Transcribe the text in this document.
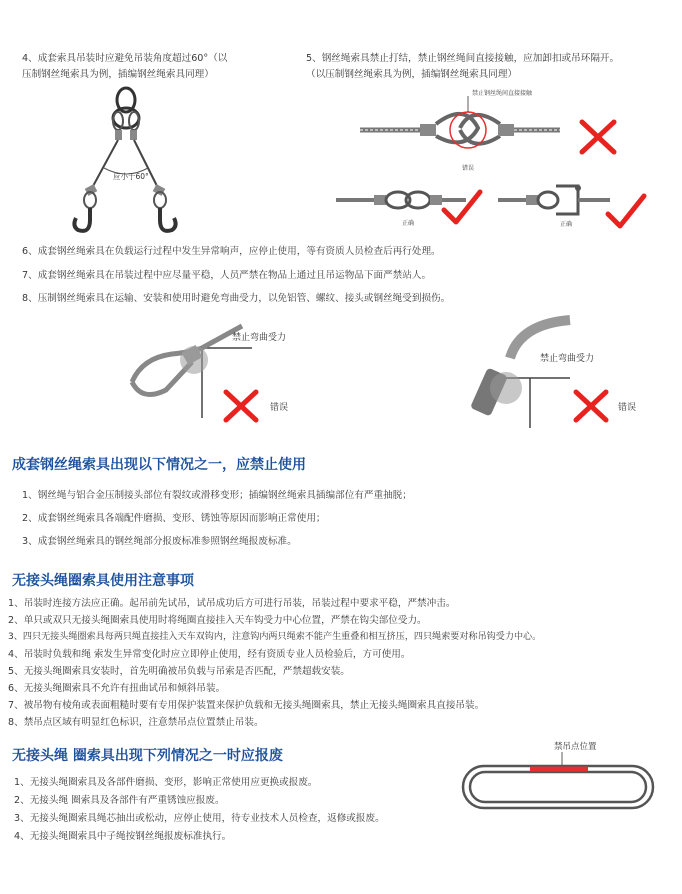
4、成套索具吊装时应避免吊装角度超过60°（以
压制钢丝绳索具为例，插编钢丝绳索具同理）
应小于60°
5、钢丝绳索具禁止打结，禁止钢丝绳间直接接触，应加卸扣或吊环隔开。
（以压制钢丝绳索具为例，插编钢丝绳索具同理）
禁止钢丝绳间直接接触
错误
正确	正确
6、成套钢丝绳索具在负载运行过程中发生异常响声，应停止使用，等有资质人员检查后再行处理。
7、成套钢丝绳索具在吊装过程中应尽量平稳，人员严禁在物品上通过且吊运物品下面严禁站人。
8、压制钢丝绳索具在运输、安装和使用时避免弯曲受力，以免铝管、螺纹、接头或钢丝绳受到损伤。
禁止弯曲受力
错误
禁止弯曲受力
错误
成套钢丝绳索具出现以下情况之一，应禁止使用
1、钢丝绳与铝合金压制接头部位有裂纹或滑移变形；插编钢丝绳索具插编部位有严重抽脱；
2、成套钢丝绳索具各端配件磨损、变形、锈蚀等原因而影响正常使用；
3、成套钢丝绳索具的钢丝绳部分报废标准参照钢丝绳报废标准。
无接头绳圈索具使用注意事项
1、吊装时连接方法应正确。起吊前先试吊，试吊成功后方可进行吊装，吊装过程中要求平稳，严禁冲击。
2、单只或双只无接头绳圈索具使用时将绳圈直接挂入天车钩受力中心位置，严禁在钩尖部位受力。
3、四只无接头绳圈索具每两只绳直接挂入天车双钩内，注意钩内两只绳索不能产生重叠和相互挤压，四只绳索要对称吊钩受力中心。
4、吊装时负载和绳 索发生异常变化时应立即停止使用，经有资质专业人员检验后，方可使用。
5、无接头绳圈索具安装时，首先明确被吊负载与吊索是否匹配，严禁超载安装。
6、无接头绳圈索具不允许有扭曲试吊和倾斜吊装。
7、被吊物有棱角或表面粗糙时要有专用保护装置来保护负载和无接头绳圈索具，禁止无接头绳圈索具直接吊装。
8、禁吊点区域有明显红色标识，注意禁吊点位置禁止吊装。
无接头绳 圈索具出现下列情况之一时应报废
1、无接头绳圈索具及各部件磨损、变形，影响正常使用应更换或报废。
2、无接头绳 圈索具及各部件有严重锈蚀应报废。
3、无接头绳圈索具绳芯抽出或松动，应停止使用，待专业技术人员检查，返修或报废。
4、无接头绳圈索具中子绳按钢丝绳报废标准执行。
禁吊点位置
